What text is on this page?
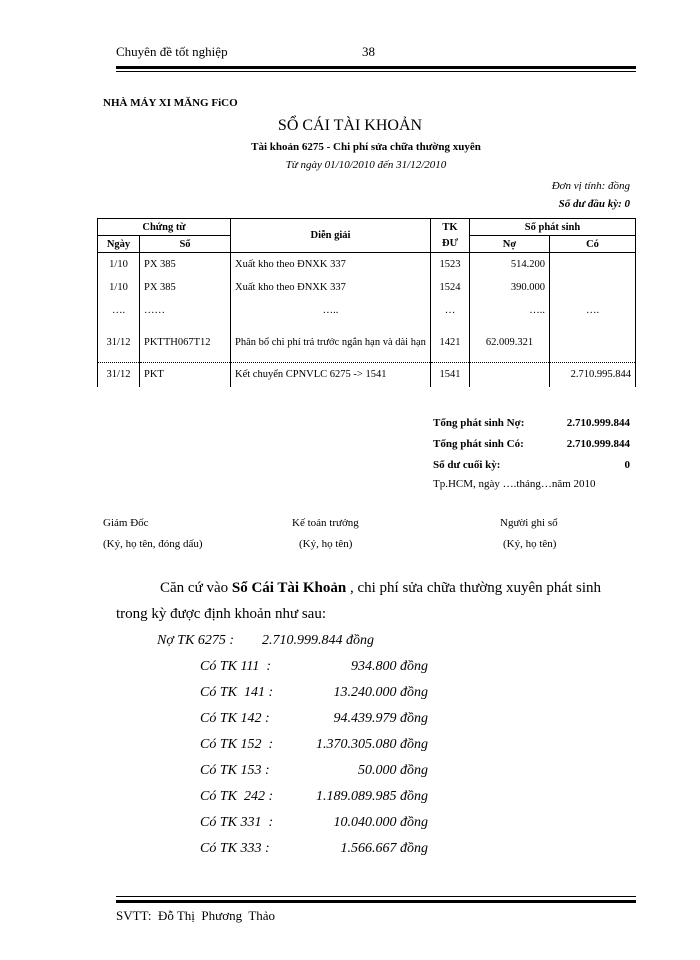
Chuyên đề tốt nghiệp	38
NHÀ MÁY XI MĂNG FiCO
SỔ CÁI TÀI KHOẢN
Tài khoản 6275 - Chi phí sửa chữa thường xuyên
Từ ngày 01/10/2010 đến 31/12/2010
Đơn vị tính: đồng
Số dư đầu kỳ: 0
Chứng từ		Diễn giải	TK	Số phát sinh	
Ngày	Số		ĐƯ	Nợ	Có
1/10	PX 385	Xuất kho theo ĐNXK 337	1523	514.200	
1/10	PX 385	Xuất kho theo ĐNXK 337	1524	390.000	
….	……	…..	…	…..	….
31/12	PKTTH067T12	Phân bổ chi phí trả trước ngắn hạn và dài hạn	1421	62.009.321	
31/12	PKT	Kết chuyển CPNVLC 6275 -> 1541	1541		2.710.995.844
Tổng phát sinh Nợ:	2.710.999.844
Tổng phát sinh Có:	2.710.999.844
Số dư cuối kỳ:	0
Tp.HCM, ngày ….tháng…năm 2010
Giám Đốc
(Ký, họ tên, đóng dấu)
Kế toán trưởng
(Ký, họ tên)
Người ghi sổ
(Ký, họ tên)
Căn cứ vào Sổ Cái Tài Khoản , chi phí sửa chữa thường xuyên phát sinh
trong kỳ được định khoản như sau:
Nợ TK 6275 : 2.710.999.844 đồng
Có TK 111  :	934.800 đồng
Có TK  141 :	13.240.000 đồng
Có TK 142 :	94.439.979 đồng
Có TK 152  :	1.370.305.080 đồng
Có TK 153 :	50.000 đồng
Có TK  242 :	1.189.089.985 đồng
Có TK 331  :	10.040.000 đồng
Có TK 333 :	1.566.667 đồng
SVTT:  Đỗ Thị  Phương  Thảo
